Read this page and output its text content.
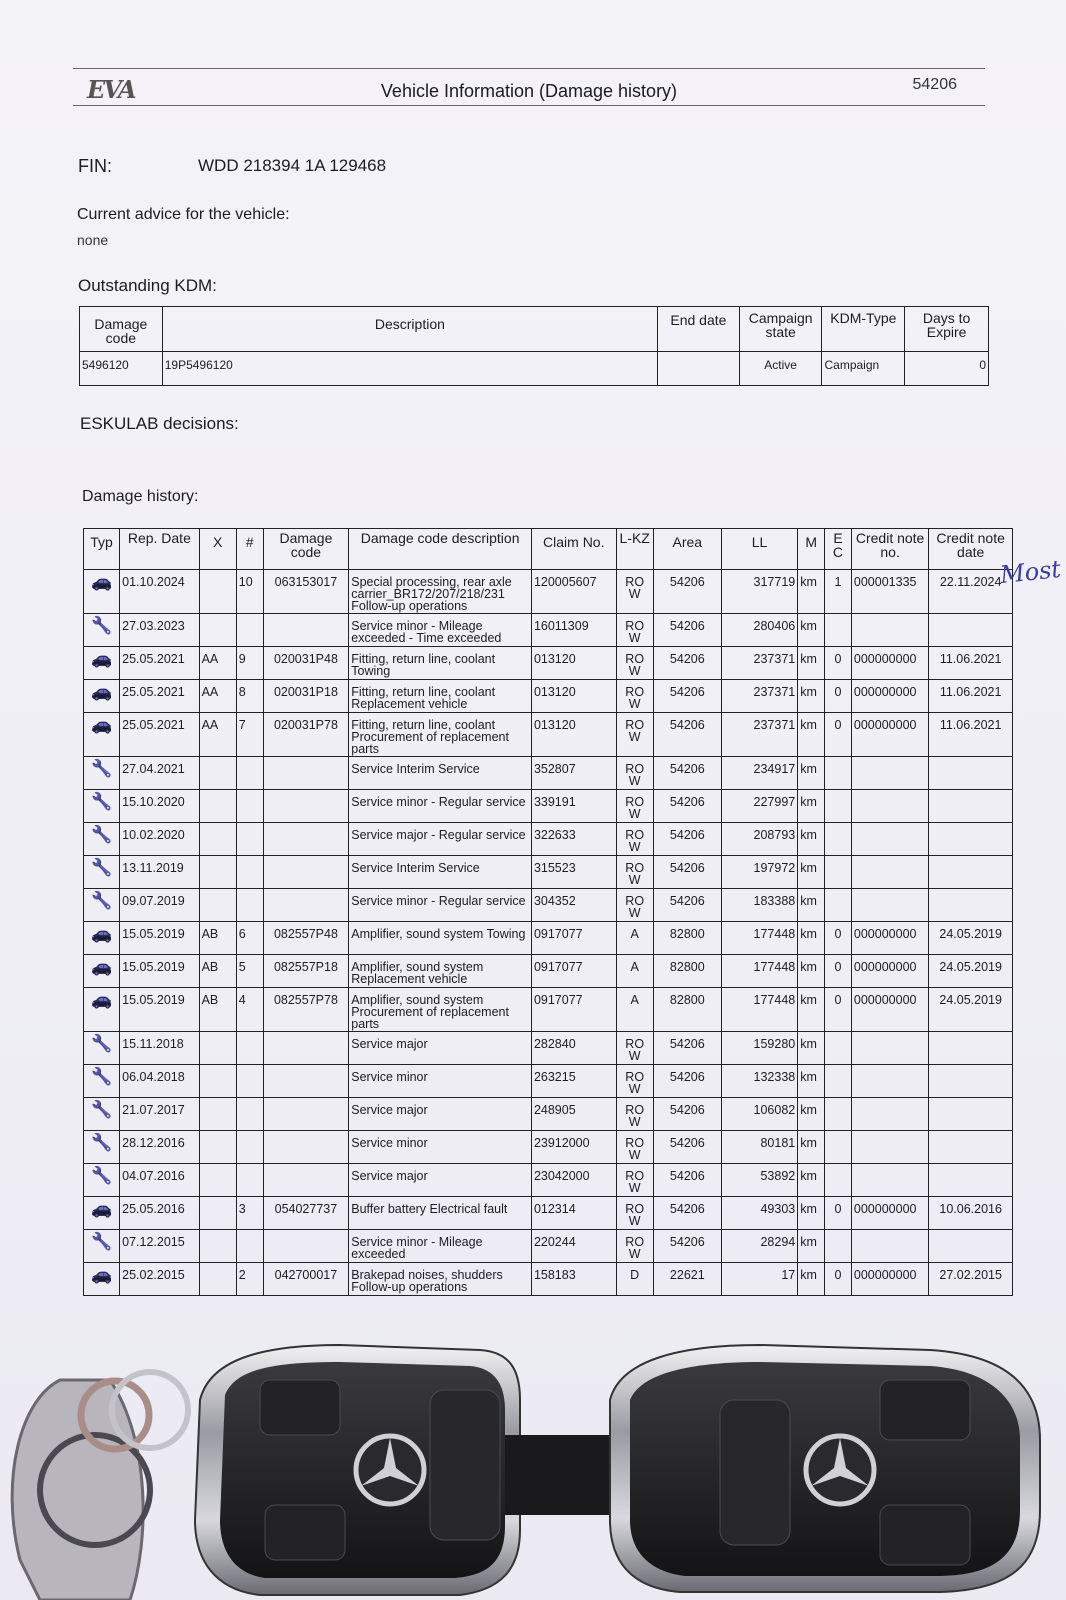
EVA	Vehicle Information (Damage history)	54206
FIN:	WDD 218394 1A 129468
Current advice for the vehicle:
none
Outstanding KDM:
Damage code	Description	End date	Campaign state	KDM-Type	Days to Expire
5496120	19P5496120		Active	Campaign	0
ESKULAB decisions:
Damage history:
Typ	Rep. Date	X	#	Damage code	Damage code description	Claim No.	L-KZ	Area	LL	M	E C	Credit note no.	Credit note date
🚗	01.10.2024		10	063153017	Special processing, rear axle carrier_BR172/207/218/231 Follow-up operations	120005607	RO W	54206	317719	km	1	000001335	22.11.2024
🔧	27.03.2023				Service minor - Mileage exceeded - Time exceeded	16011309	RO W	54206	280406	km			
🚗	25.05.2021	AA	9	020031P48	Fitting, return line, coolant Towing	013120	RO W	54206	237371	km	0	000000000	11.06.2021
🚗	25.05.2021	AA	8	020031P18	Fitting, return line, coolant Replacement vehicle	013120	RO W	54206	237371	km	0	000000000	11.06.2021
🚗	25.05.2021	AA	7	020031P78	Fitting, return line, coolant Procurement of replacement parts	013120	RO W	54206	237371	km	0	000000000	11.06.2021
🔧	27.04.2021				Service Interim Service	352807	RO W	54206	234917	km			
🔧	15.10.2020				Service minor - Regular service	339191	RO W	54206	227997	km			
🔧	10.02.2020				Service major - Regular service	322633	RO W	54206	208793	km			
🔧	13.11.2019				Service Interim Service	315523	RO W	54206	197972	km			
🔧	09.07.2019				Service minor - Regular service	304352	RO W	54206	183388	km			
🚗	15.05.2019	AB	6	082557P48	Amplifier, sound system Towing	0917077	A	82800	177448	km	0	000000000	24.05.2019
🚗	15.05.2019	AB	5	082557P18	Amplifier, sound system Replacement vehicle	0917077	A	82800	177448	km	0	000000000	24.05.2019
🚗	15.05.2019	AB	4	082557P78	Amplifier, sound system Procurement of replacement parts	0917077	A	82800	177448	km	0	000000000	24.05.2019
🔧	15.11.2018				Service major	282840	RO W	54206	159280	km			
🔧	06.04.2018				Service minor	263215	RO W	54206	132338	km			
🔧	21.07.2017				Service major	248905	RO W	54206	106082	km			
🔧	28.12.2016				Service minor	23912000	RO W	54206	80181	km			
🔧	04.07.2016				Service major	23042000	RO W	54206	53892	km			
🚗	25.05.2016		3	054027737	Buffer battery Electrical fault	012314	RO W	54206	49303	km	0	000000000	10.06.2016
🔧	07.12.2015				Service minor - Mileage exceeded	220244	RO W	54206	28294	km			
🚗	25.02.2015		2	042700017	Brakepad noises, shudders Follow-up operations	158183	D	22621	17	km	0	000000000	27.02.2015
Most
